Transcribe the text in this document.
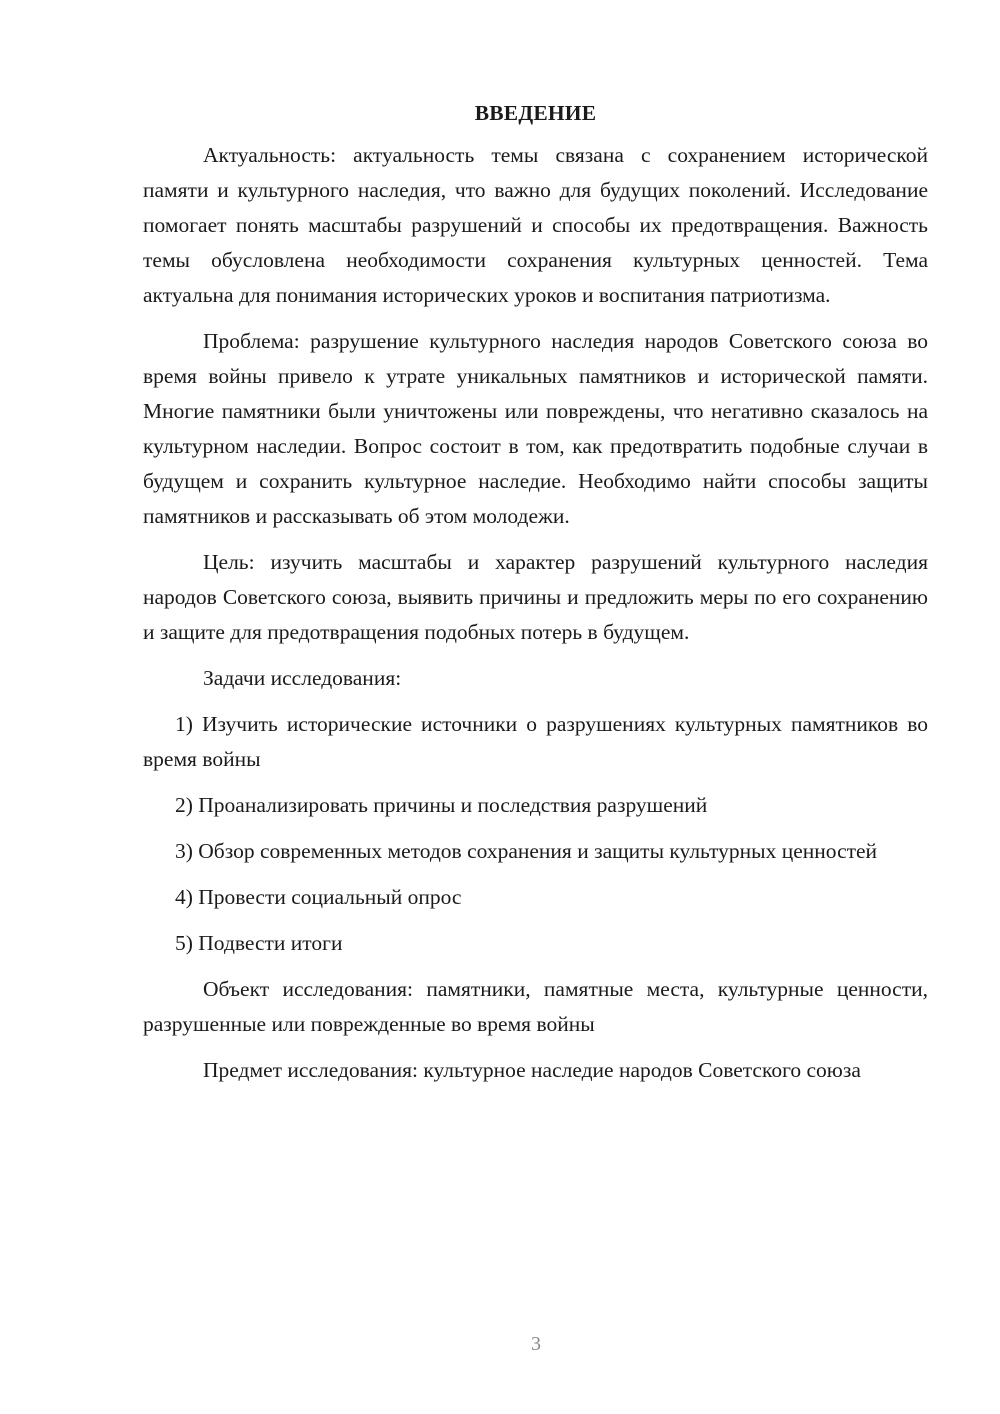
ВВЕДЕНИЕ

Актуальность: актуальность темы связана с сохранением исторической памяти и культурного наследия, что важно для будущих поколений. Исследование помогает понять масштабы разрушений и способы их предотвращения. Важность темы обусловлена необходимости сохранения культурных ценностей. Тема актуальна для понимания исторических уроков и воспитания патриотизма.

Проблема: разрушение культурного наследия народов Советского союза во время войны привело к утрате уникальных памятников и исторической памяти. Многие памятники были уничтожены или повреждены, что негативно сказалось на культурном наследии. Вопрос состоит в том, как предотвратить подобные случаи в будущем и сохранить культурное наследие. Необходимо найти способы защиты памятников и рассказывать об этом молодежи.

Цель: изучить масштабы и характер разрушений культурного наследия народов Советского союза, выявить причины и предложить меры по его сохранению и защите для предотвращения подобных потерь в будущем.

Задачи исследования:

1) Изучить исторические источники о разрушениях культурных памятников во время войны

2) Проанализировать причины и последствия разрушений

3) Обзор современных методов сохранения и защиты культурных ценностей

4) Провести социальный опрос

5) Подвести итоги

Объект исследования: памятники, памятные места, культурные ценности, разрушенные или поврежденные во время войны

Предмет исследования: культурное наследие народов Советского союза

3
